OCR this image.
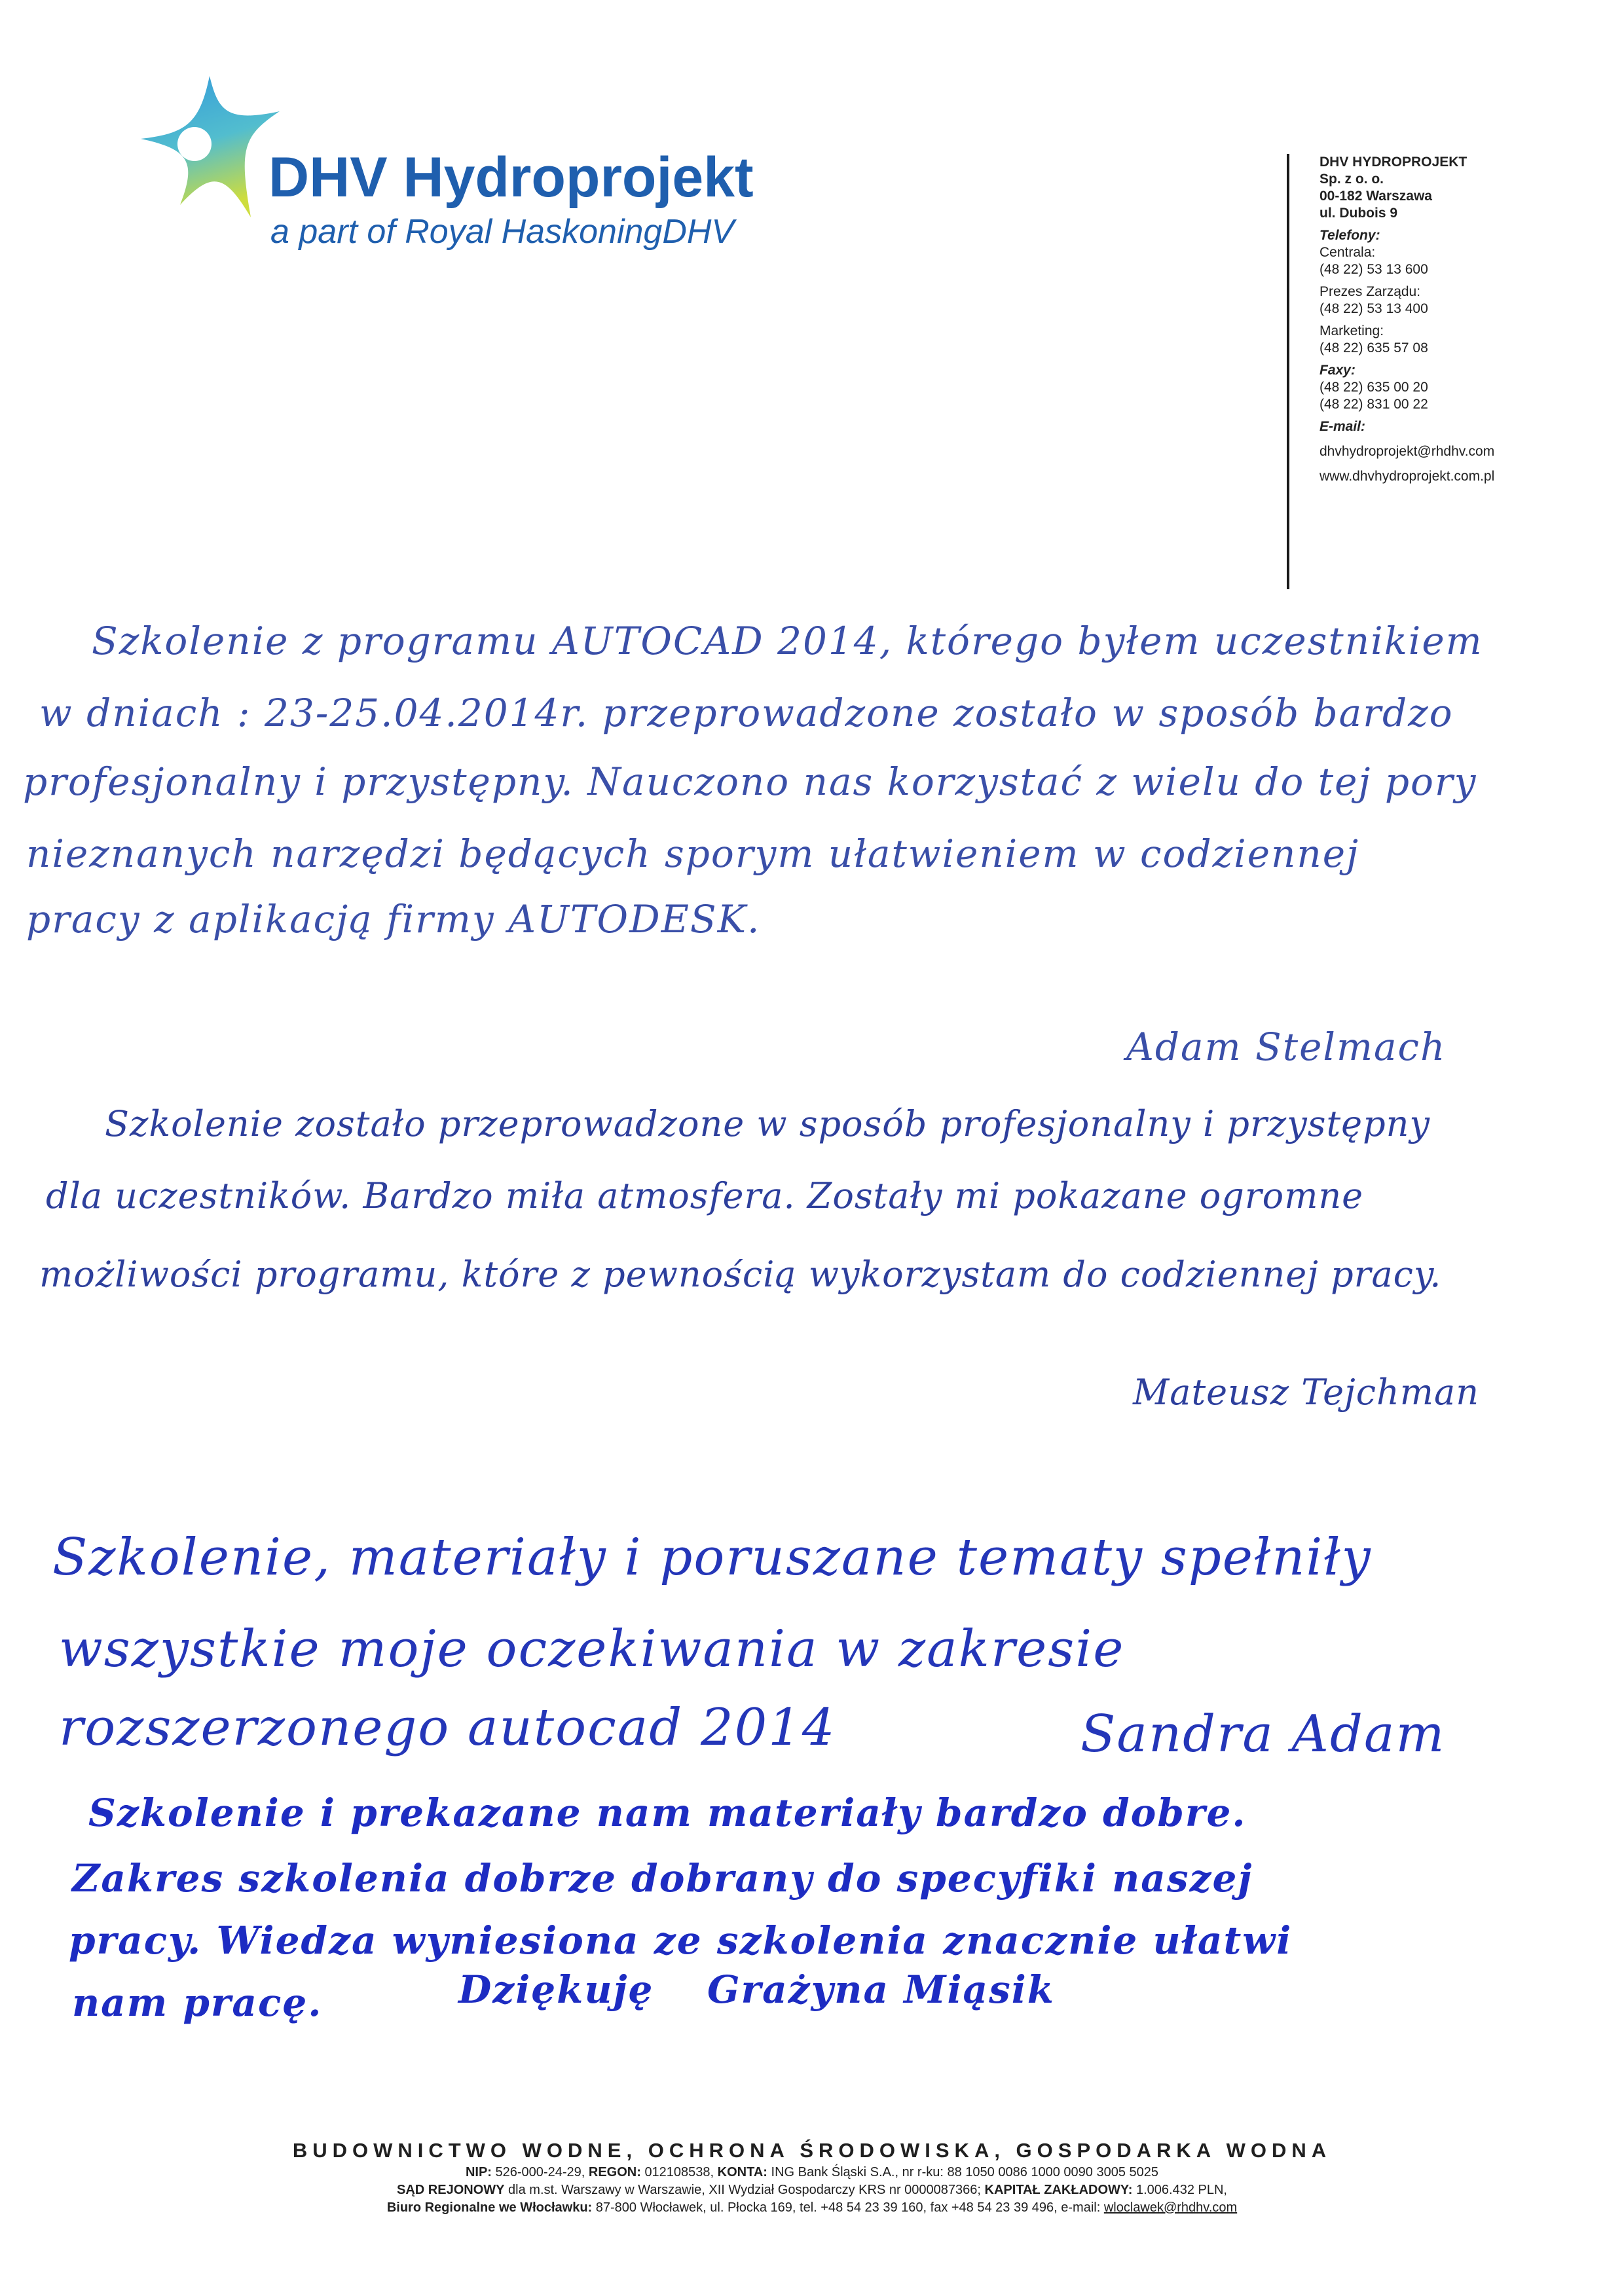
DHV Hydroprojekt
a part of Royal HaskoningDHV
DHV HYDROPROJEKT
Sp. z o. o.
00-182 Warszawa
ul. Dubois 9
Telefony:
Centrala:
(48 22) 53 13 600
Prezes Zarządu:
(48 22) 53 13 400
Marketing:
(48 22) 635 57 08
Faxy:
(48 22) 635 00 20
(48 22) 831 00 22
E-mail:
dhvhydroprojekt@rhdhv.com
www.dhvhydroprojekt.com.pl
Szkolenie z programu AUTOCAD 2014, którego byłem uczestnikiem
w dniach : 23-25.04.2014r. przeprowadzone zostało w sposób bardzo
profesjonalny i przystępny. Nauczono nas korzystać z wielu do tej pory
nieznanych narzędzi będących sporym ułatwieniem w codziennej
pracy z aplikacją firmy AUTODESK.
Adam Stelmach
Szkolenie zostało przeprowadzone w sposób profesjonalny i przystępny
dla uczestników. Bardzo miła atmosfera. Zostały mi pokazane ogromne
możliwości programu, które z pewnością wykorzystam do codziennej pracy.
Mateusz Tejchman
Szkolenie, materiały i poruszane tematy spełniły
wszystkie moje oczekiwania w zakresie
rozszerzonego autocad 2014	Sandra Adam
Szkolenie i prekazane nam materiały bardzo dobre.
Zakres szkolenia dobrze dobrany do specyfiki naszej
pracy. Wiedza wyniesiona ze szkolenia znacznie ułatwi
nam pracę.	Dziękuję Grażyna Miąsik
BUDOWNICTWO WODNE, OCHRONA ŚRODOWISKA, GOSPODARKA WODNA
NIP: 526-000-24-29, REGON: 012108538, KONTA: ING Bank Śląski S.A., nr r-ku: 88 1050 0086 1000 0090 3005 5025
SĄD REJONOWY dla m.st. Warszawy w Warszawie, XII Wydział Gospodarczy KRS nr 0000087366; KAPITAŁ ZAKŁADOWY: 1.006.432 PLN,
Biuro Regionalne we Włocławku: 87-800 Włocławek, ul. Płocka 169, tel. +48 54 23 39 160, fax +48 54 23 39 496, e-mail: wloclawek@rhdhv.com
